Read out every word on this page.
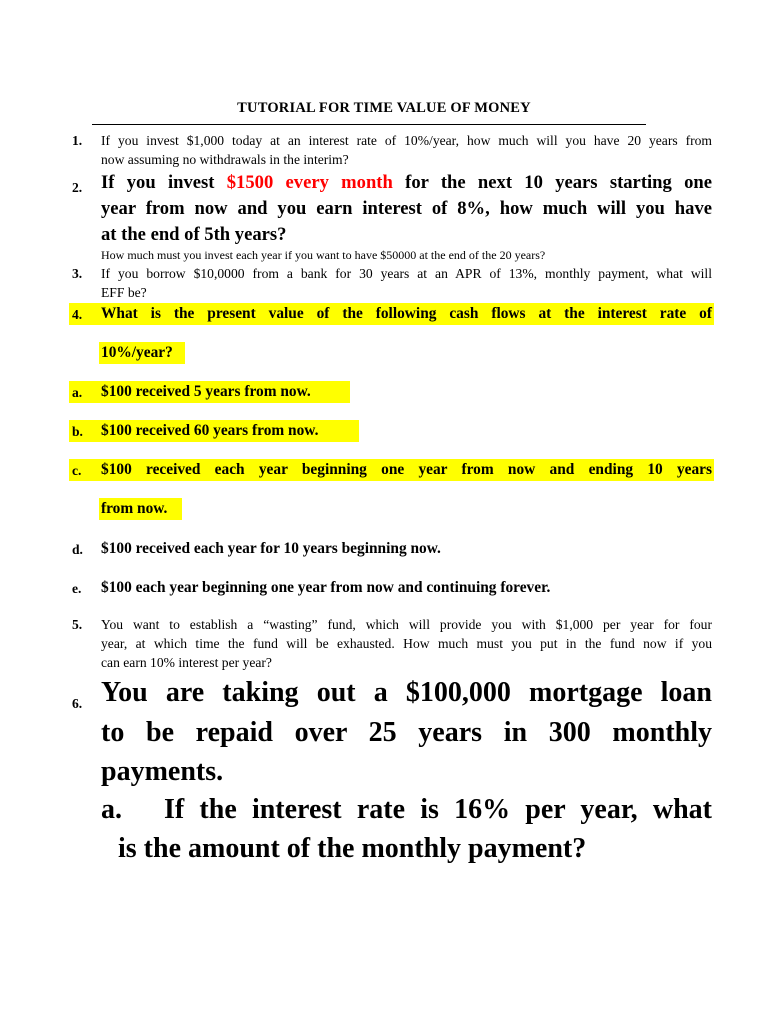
TUTORIAL FOR TIME VALUE OF MONEY
1. If you invest $1,000 today at an interest rate of 10%/year, how much will you have 20 years from
now assuming no withdrawals in the interim?
2. If you invest $1500 every month for the next 10 years starting one
year from now and you earn interest of 8%, how much will you have
at the end of 5th years?
How much must you invest each year if you want to have $50000 at the end of the 20 years?
3. If you borrow $10,0000 from a bank for 30 years at an APR of 13%, monthly payment, what will
EFF be?
4. What is the present value of the following cash flows at the interest rate of
10%/year?
a. $100 received 5 years from now.
b. $100 received 60 years from now.
c. $100 received each year beginning one year from now and ending 10 years
from now.
d. $100 received each year for 10 years beginning now.
e. $100 each year beginning one year from now and continuing forever.
5. You want to establish a “wasting” fund, which will provide you with $1,000 per year for four
year, at which time the fund will be exhausted. How much must you put in the fund now if you
can earn 10% interest per year?
6. You are taking out a $100,000 mortgage loan
to be repaid over 25 years in 300 monthly
payments.
a. If the interest rate is 16% per year, what
is the amount of the monthly payment?
